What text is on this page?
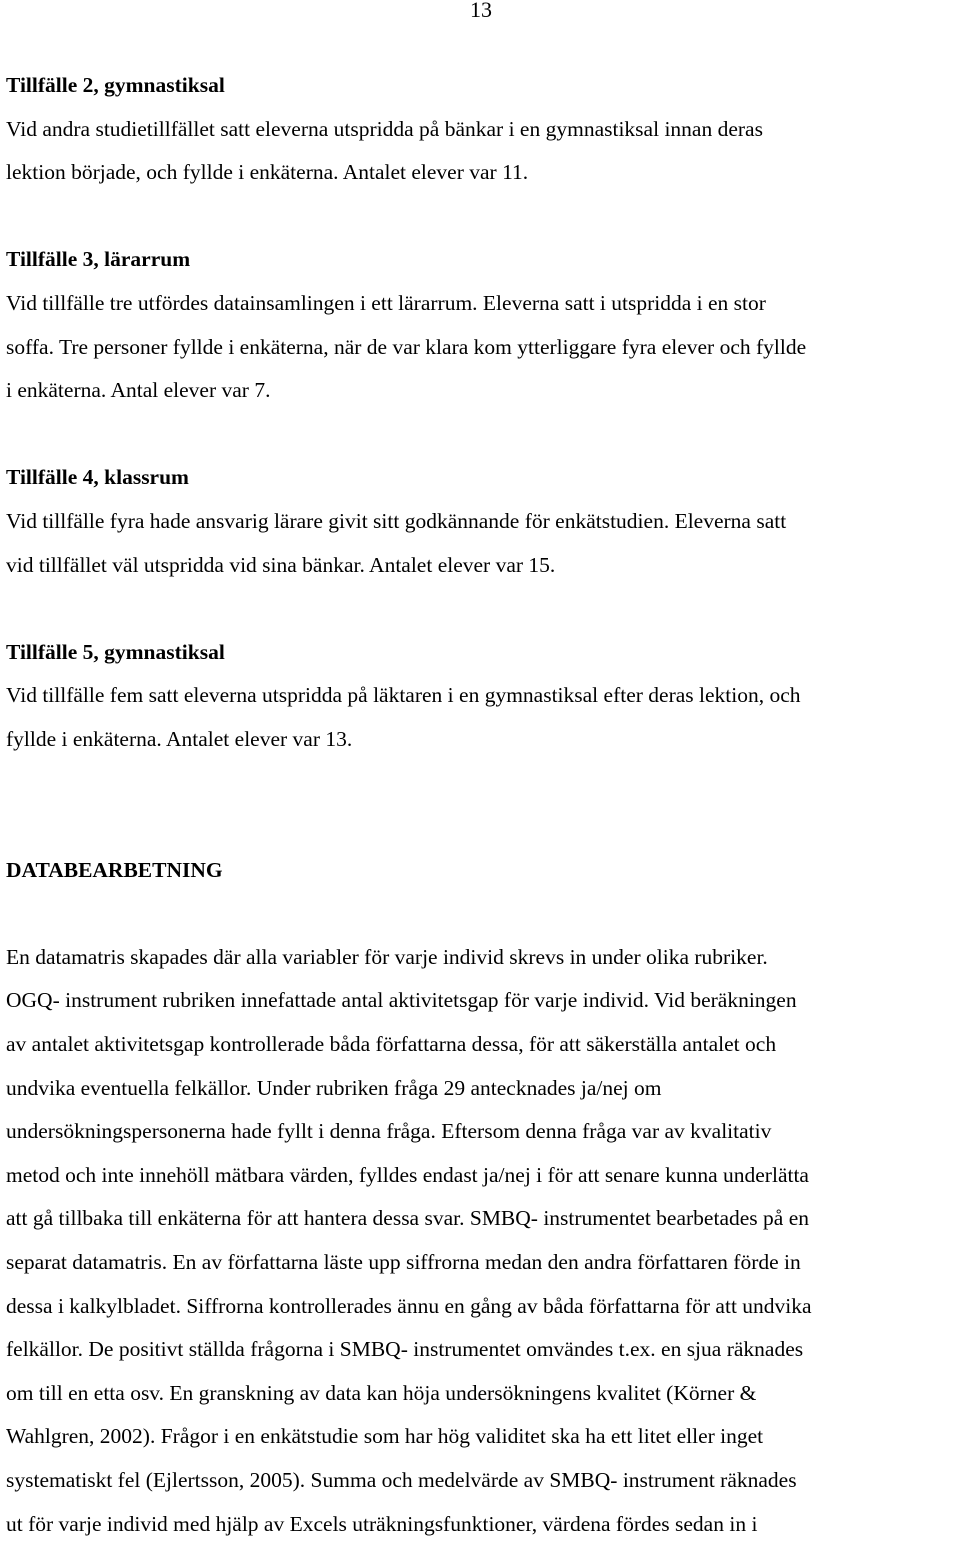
13

Tillfälle 2, gymnastiksal

Vid andra studietillfället satt eleverna utspridda på bänkar i en gymnastiksal innan deras

lektion började, och fyllde i enkäterna. Antalet elever var 11.

Tillfälle 3, lärarrum

Vid tillfälle tre utfördes datainsamlingen i ett lärarrum. Eleverna satt i utspridda i en stor

soffa. Tre personer fyllde i enkäterna, när de var klara kom ytterliggare fyra elever och fyllde

i enkäterna. Antal elever var 7.

Tillfälle 4, klassrum

Vid tillfälle fyra hade ansvarig lärare givit sitt godkännande för enkätstudien. Eleverna satt

vid tillfället väl utspridda vid sina bänkar. Antalet elever var 15.

Tillfälle 5, gymnastiksal

Vid tillfälle fem satt eleverna utspridda på läktaren i en gymnastiksal efter deras lektion, och

fyllde i enkäterna. Antalet elever var 13.

DATABEARBETNING

En datamatris skapades där alla variabler för varje individ skrevs in under olika rubriker.

OGQ- instrument rubriken innefattade antal aktivitetsgap för varje individ. Vid beräkningen

av antalet aktivitetsgap kontrollerade båda författarna dessa, för att säkerställa antalet och

undvika eventuella felkällor. Under rubriken fråga 29 antecknades ja/nej om

undersökningspersonerna hade fyllt i denna fråga. Eftersom denna fråga var av kvalitativ

metod och inte innehöll mätbara värden, fylldes endast ja/nej i för att senare kunna underlätta

att gå tillbaka till enkäterna för att hantera dessa svar. SMBQ- instrumentet bearbetades på en

separat datamatris. En av författarna läste upp siffrorna medan den andra författaren förde in

dessa i kalkylbladet. Siffrorna kontrollerades ännu en gång av båda författarna för att undvika

felkällor. De positivt ställda frågorna i SMBQ- instrumentet omvändes t.ex. en sjua räknades

om till en etta osv. En granskning av data kan höja undersökningens kvalitet (Körner &

Wahlgren, 2002). Frågor i en enkätstudie som har hög validitet ska ha ett litet eller inget

systematiskt fel (Ejlertsson, 2005). Summa och medelvärde av SMBQ- instrument räknades

ut för varje individ med hjälp av Excels uträkningsfunktioner, värdena fördes sedan in i
